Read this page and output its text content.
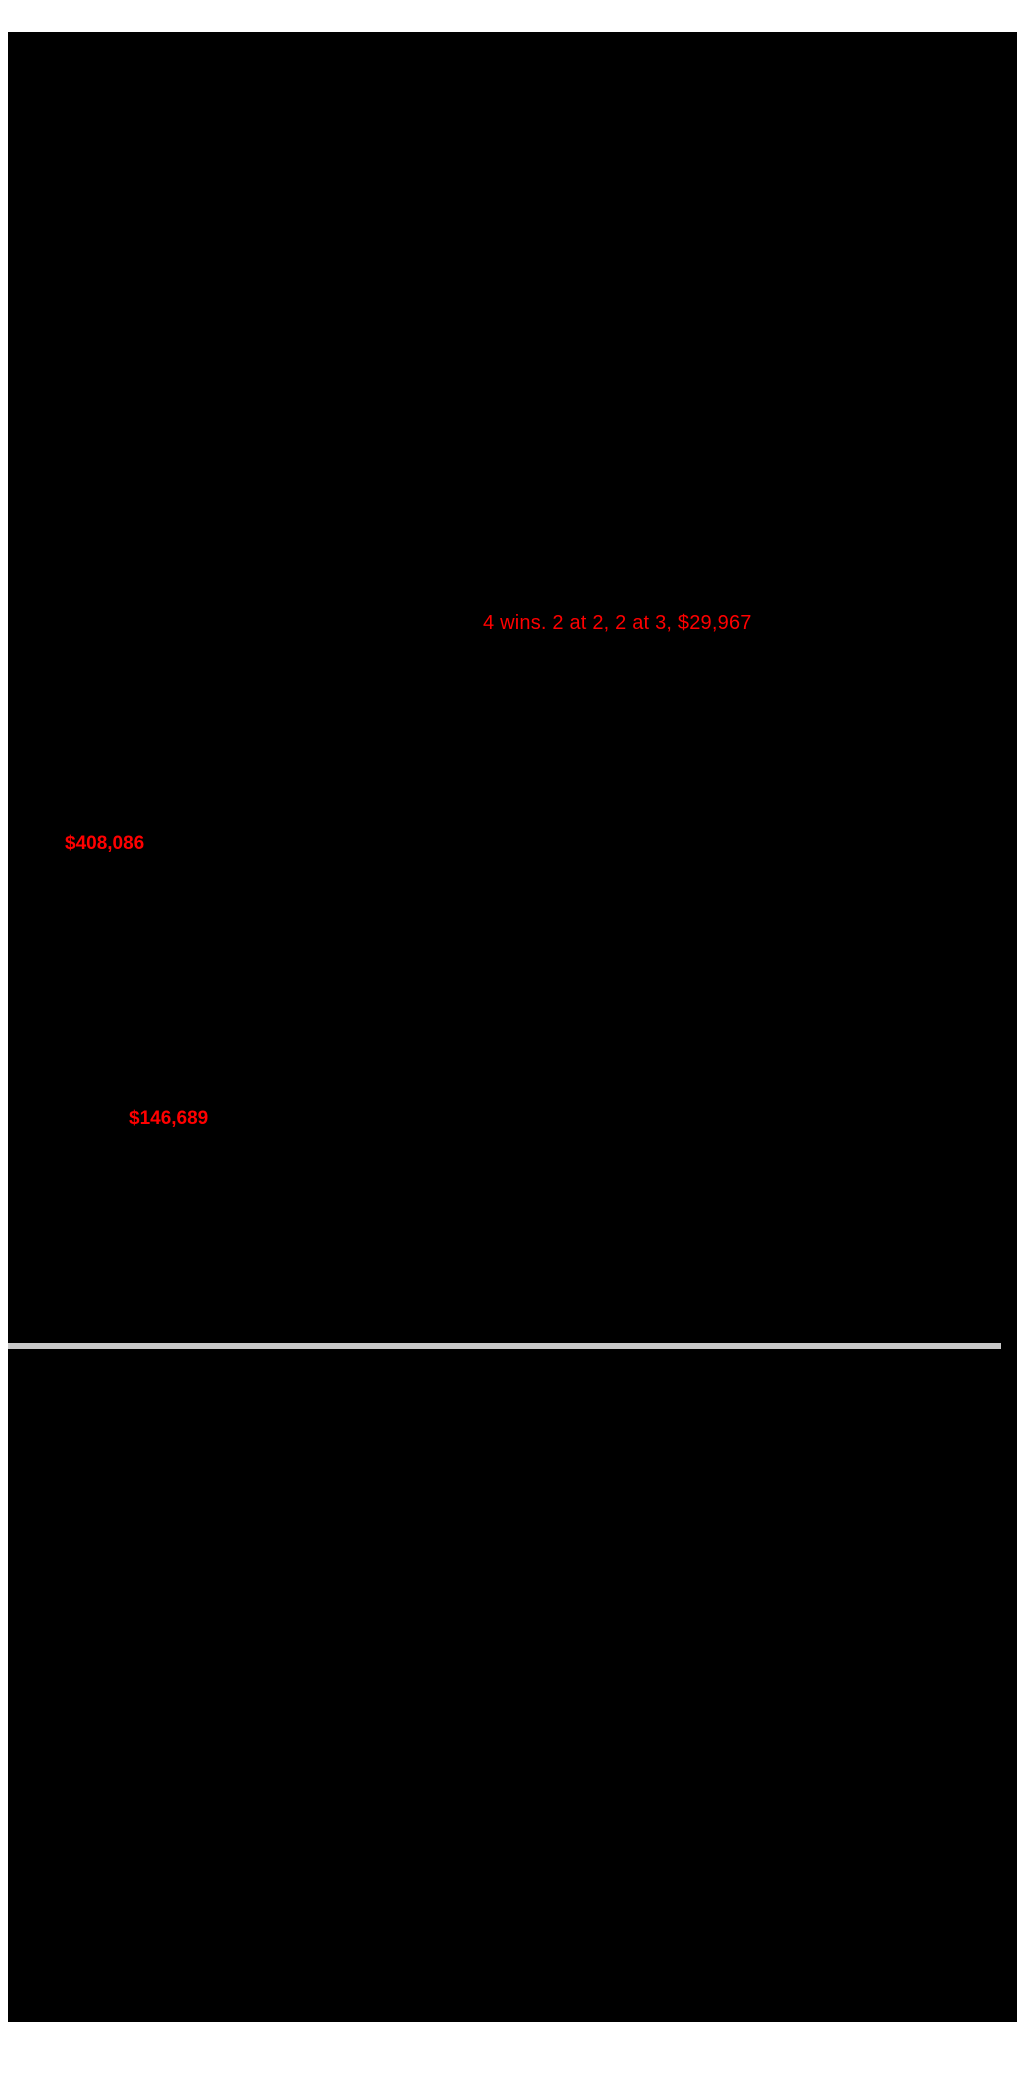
4 wins. 2 at 2, 2 at 3, $29,967
$408,086
$146,689
